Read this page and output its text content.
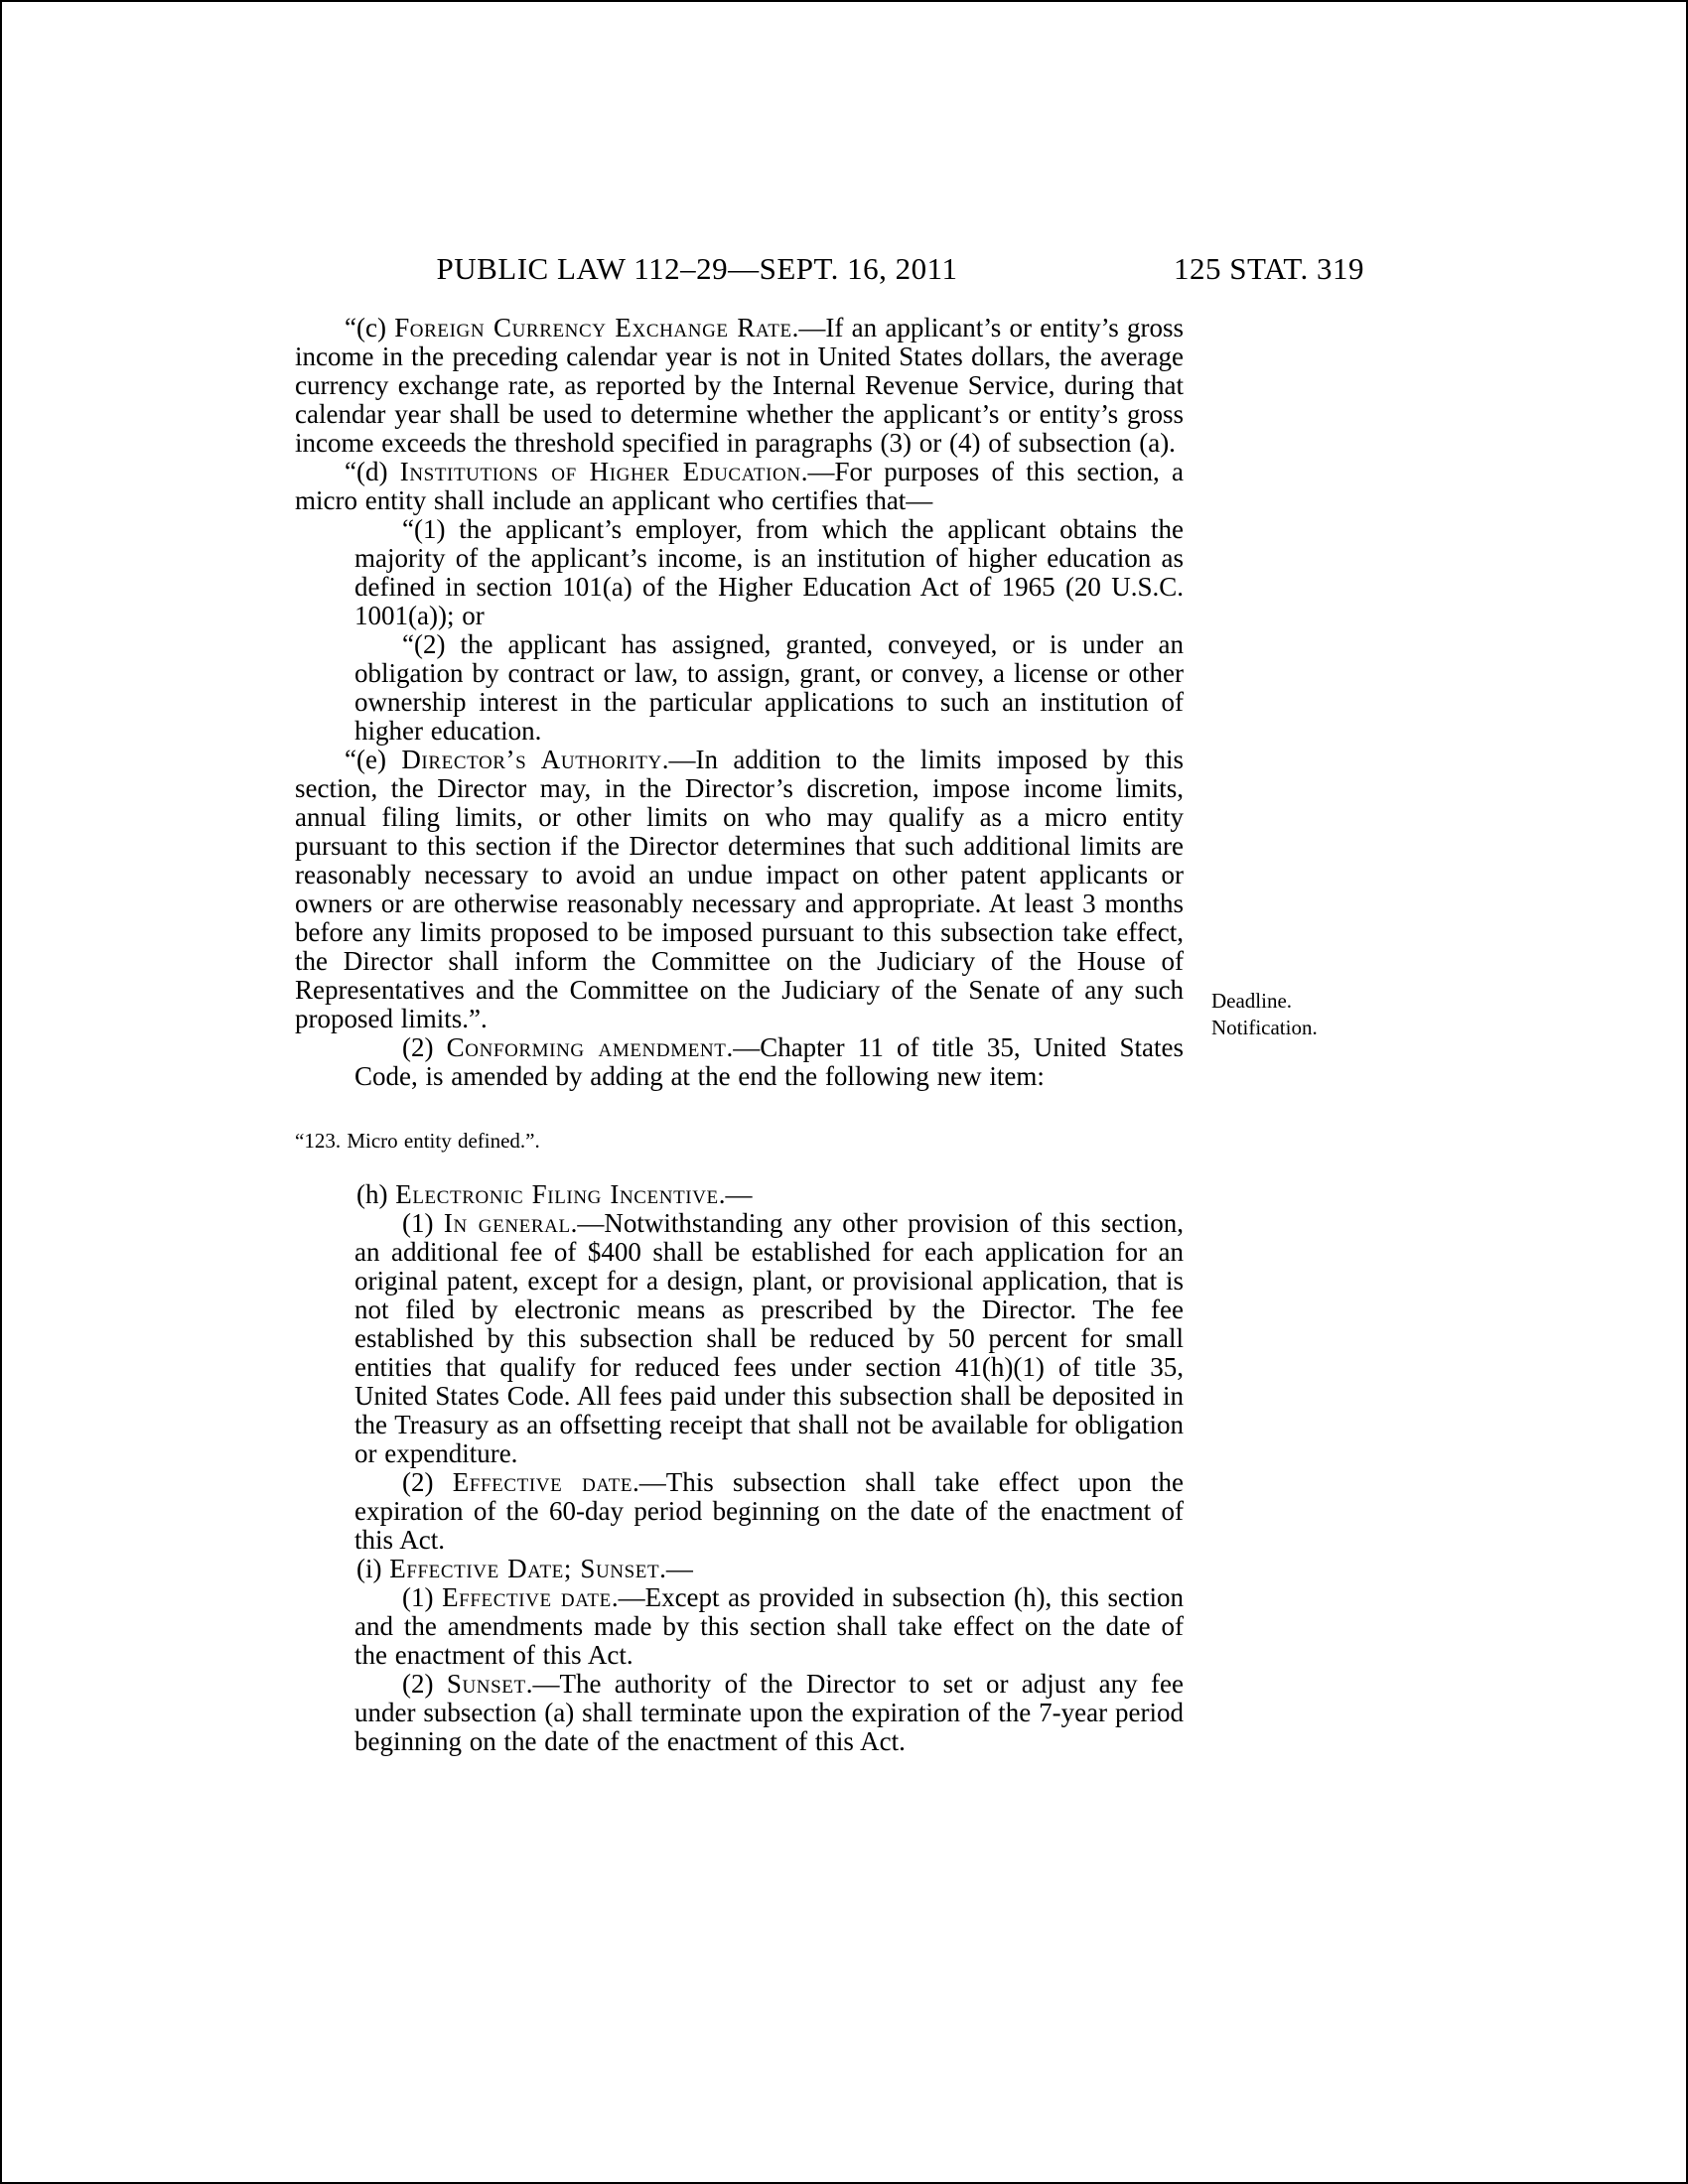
PUBLIC LAW 112–29—SEPT. 16, 2011	125 STAT. 319

“(c) Foreign Currency Exchange Rate.—If an applicant’s or entity’s gross income in the preceding calendar year is not in United States dollars, the average currency exchange rate, as reported by the Internal Revenue Service, during that calendar year shall be used to determine whether the applicant’s or entity’s gross income exceeds the threshold specified in paragraphs (3) or (4) of subsection (a).

“(d) Institutions of Higher Education.—For purposes of this section, a micro entity shall include an applicant who certifies that—

“(1) the applicant’s employer, from which the applicant obtains the majority of the applicant’s income, is an institution of higher education as defined in section 101(a) of the Higher Education Act of 1965 (20 U.S.C. 1001(a)); or

“(2) the applicant has assigned, granted, conveyed, or is under an obligation by contract or law, to assign, grant, or convey, a license or other ownership interest in the particular applications to such an institution of higher education.

“(e) Director’s Authority.—In addition to the limits imposed by this section, the Director may, in the Director’s discretion, impose income limits, annual filing limits, or other limits on who may qualify as a micro entity pursuant to this section if the Director determines that such additional limits are reasonably necessary to avoid an undue impact on other patent applicants or owners or are otherwise reasonably necessary and appropriate. At least 3 months before any limits proposed to be imposed pursuant to this subsection take effect, the Director shall inform the Committee on the Judiciary of the House of Representatives and the Committee on the Judiciary of the Senate of any such proposed limits.”.

(2) Conforming amendment.—Chapter 11 of title 35, United States Code, is amended by adding at the end the following new item:

“123. Micro entity defined.”.

(h) Electronic Filing Incentive.—

(1) In general.—Notwithstanding any other provision of this section, an additional fee of $400 shall be established for each application for an original patent, except for a design, plant, or provisional application, that is not filed by electronic means as prescribed by the Director. The fee established by this subsection shall be reduced by 50 percent for small entities that qualify for reduced fees under section 41(h)(1) of title 35, United States Code. All fees paid under this subsection shall be deposited in the Treasury as an offsetting receipt that shall not be available for obligation or expenditure.

(2) Effective date.—This subsection shall take effect upon the expiration of the 60-day period beginning on the date of the enactment of this Act.

(i) Effective Date; Sunset.—

(1) Effective date.—Except as provided in subsection (h), this section and the amendments made by this section shall take effect on the date of the enactment of this Act.

(2) Sunset.—The authority of the Director to set or adjust any fee under subsection (a) shall terminate upon the expiration of the 7-year period beginning on the date of the enactment of this Act.

Deadline.
Notification.
